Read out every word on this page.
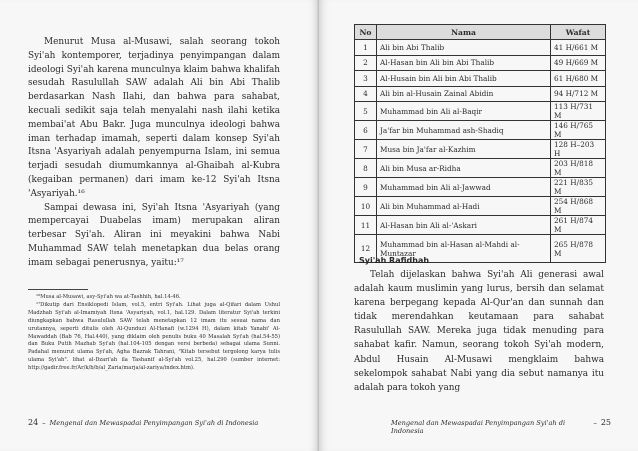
Menurut Musa al-Musawi, salah seorang tokoh Syi'ah kontemporer, terjadinya penyimpangan dalam ideologi Syi'ah karena munculnya klaim bahwa khalifah sesudah Rasulullah SAW adalah Ali bin Abi Thalib berdasarkan Nash Ilahi, dan bahwa para sahabat, kecuali sedikit saja telah menyalahi nash ilahi ketika membai'at Abu Bakr. Juga munculnya ideologi bahwa iman terhadap imamah, seperti dalam konsep Syi'ah Itsna 'Asyariyah adalah penyempurna Islam, ini semua terjadi sesudah diumumkannya al-Ghaibah al-Kubra (kegaiban permanen) dari imam ke-12 Syi'ah Itsna 'Asyariyah.¹⁶

Sampai dewasa ini, Syi'ah Itsna 'Asyariyah (yang mempercayai Duabelas imam) merupakan aliran terbesar Syi'ah. Aliran ini meyakini bahwa Nabi Muhammad SAW telah menetapkan dua belas orang imam sebagai penerusnya, yaitu:¹⁷

¹⁶Musa al-Musawi, asy-Syi'ah wa at-Tashhih, hal.14-46.

¹⁷Dikutip dari Ensiklopedi Islam, vol.5, entri Syi'ah. Lihat juga al-Qifari dalam Ushul Madzhab Syi'ah al-Imamiyah Itsna 'Asyariyah, vol.1, hal.129. Dalam literatur Syi'ah terkini diungkapkan bahwa Rasulullah SAW telah menetapkan 12 imam itu sesuai nama dan urutannya, seperti ditulis oleh Al-Qunduzi Al-Hanafi (w.1294 H), dalam kitab Yanabi' Al-Mawaddah (Bab 76, Hal.440), yang diklaim oleh penulis buku 40 Masalah Syi'ah (hal.54-55) dan Buku Putih Mazhab Syi'ah (hal.104-105 dengan versi berbeda) sebagai ulama Sunni. Padahal menurut ulama Syi'ah, Agha Bazrak Tahrani, "Kitab tersebut tergolong karya tulis ulama Syi'ah". lihat al-Dzari'ah ila Tashanif al-Syi'ah vol.25, hal.290 (sumber internet: http://gadir.free.fr/Ar/k/b/b/al_Zaria/marja/al-zariya/index.htm).

24 – Mengenal dan Mewaspadai Penyimpangan Syi'ah di Indonesia
No	Nama	Wafat
1	Ali bin Abi Thalib	41 H/661 M
2	Al-Hasan bin Ali bin Abi Thalib	49 H/669 M
3	Al-Husain bin Ali bin Abi Thalib	61 H/680 M
4	Ali bin al-Husain Zainal Abidin	94 H/712 M
5	Muhammad bin Ali al-Baqir	113 H/731 M
6	Ja'far bin Muhammad ash-Shadiq	146 H/765 M
7	Musa bin Ja'far al-Kazhim	128 H–203 H
8	Ali bin Musa ar-Ridha	203 H/818 M
9	Muhammad bin Ali al-Jawwad	221 H/835 M
10	Ali bin Muhammad al-Hadi	254 H/868 M
11	Al-Hasan bin Ali al-'Askari	261 H/874 M
12	Muhammad bin al-Hasan al-Mahdi al-Muntazar	265 H/878 M
Syi'ah Rafidhah

Telah dijelaskan bahwa Syi'ah Ali generasi awal adalah kaum muslimin yang lurus, bersih dan selamat karena berpegang kepada Al-Qur'an dan sunnah dan tidak merendahkan keutamaan para sahabat Rasulullah SAW. Mereka juga tidak menuding para sahabat kafir. Namun, seorang tokoh Syi'ah modern, Abdul Husain Al-Musawi mengklaim bahwa sekelompok sahabat Nabi yang dia sebut namanya itu adalah para tokoh yang

Mengenal dan Mewaspadai Penyimpangan Syi'ah di Indonesia
– 25
